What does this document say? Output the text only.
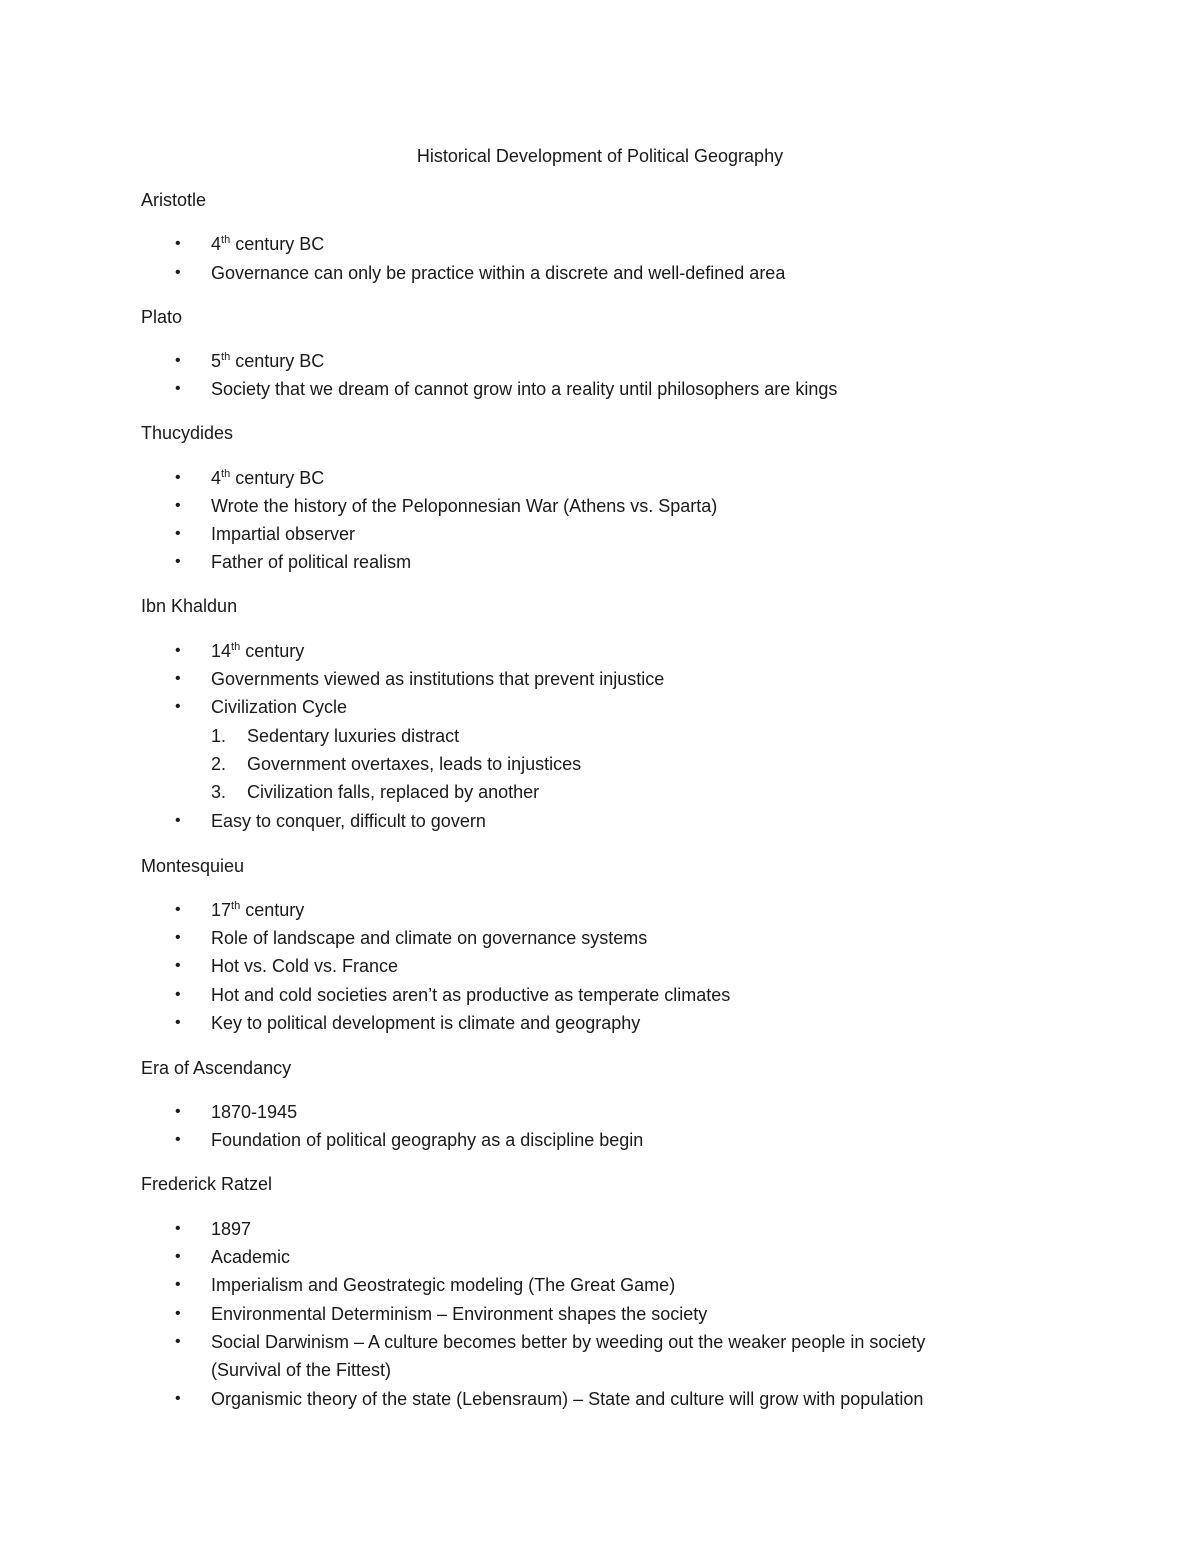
Historical Development of Political Geography
Aristotle
• 4th century BC
• Governance can only be practice within a discrete and well-defined area
Plato
• 5th century BC
• Society that we dream of cannot grow into a reality until philosophers are kings
Thucydides
• 4th century BC
• Wrote the history of the Peloponnesian War (Athens vs. Sparta)
• Impartial observer
• Father of political realism
Ibn Khaldun
• 14th century
• Governments viewed as institutions that prevent injustice
• Civilization Cycle
1. Sedentary luxuries distract
2. Government overtaxes, leads to injustices
3. Civilization falls, replaced by another
• Easy to conquer, difficult to govern
Montesquieu
• 17th century
• Role of landscape and climate on governance systems
• Hot vs. Cold vs. France
• Hot and cold societies aren’t as productive as temperate climates
• Key to political development is climate and geography
Era of Ascendancy
• 1870-1945
• Foundation of political geography as a discipline begin
Frederick Ratzel
• 1897
• Academic
• Imperialism and Geostrategic modeling (The Great Game)
• Environmental Determinism – Environment shapes the society
• Social Darwinism – A culture becomes better by weeding out the weaker people in society
(Survival of the Fittest)
• Organismic theory of the state (Lebensraum) – State and culture will grow with population
